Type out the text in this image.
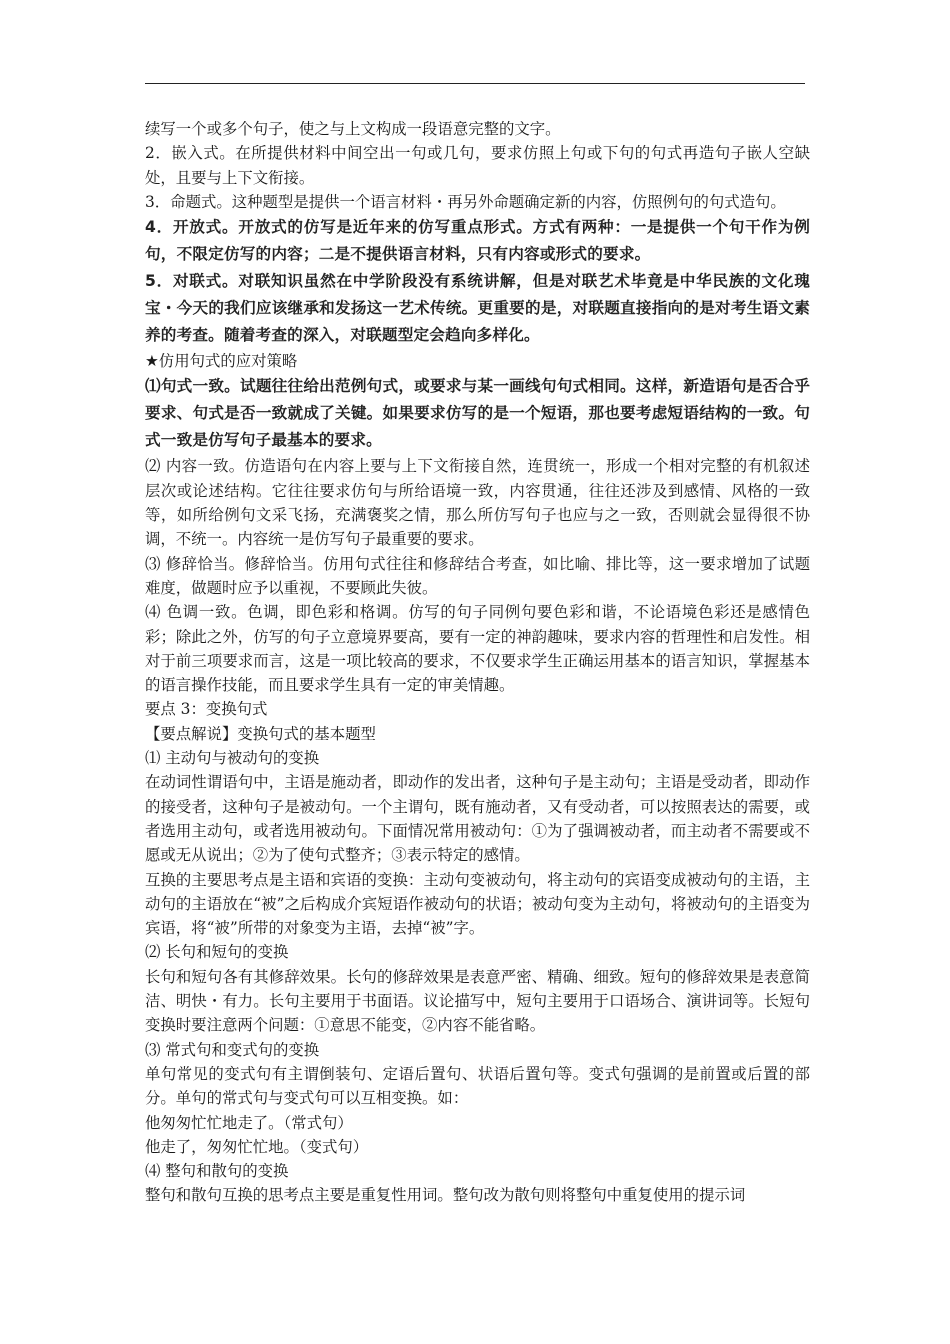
续写一个或多个句子，使之与上文构成一段语意完整的文字。

2．嵌入式。在所提供材料中间空出一句或几句，要求仿照上句或下句的句式再造句子嵌人空缺处，且要与上下文衔接。

3．命题式。这种题型是提供一个语言材料・再另外命题确定新的内容，仿照例句的句式造句。

4．开放式。开放式的仿写是近年来的仿写重点形式。方式有两种：一是提供一个句干作为例句，不限定仿写的内容；二是不提供语言材料，只有内容或形式的要求。

5．对联式。对联知识虽然在中学阶段没有系统讲解，但是对联艺术毕竟是中华民族的文化瑰宝・今天的我们应该继承和发扬这一艺术传统。更重要的是，对联题直接指向的是对考生语文素养的考查。随着考查的深入，对联题型定会趋向多样化。

★仿用句式的应对策略

⑴句式一致。试题往往给出范例句式，或要求与某一画线句句式相同。这样，新造语句是否合乎要求、句式是否一致就成了关键。如果要求仿写的是一个短语，那也要考虑短语结构的一致。句式一致是仿写句子最基本的要求。

⑵ 内容一致。仿造语句在内容上要与上下文衔接自然，连贯统一，形成一个相对完整的有机叙述层次或论述结构。它往往要求仿句与所给语境一致，内容贯通，往往还涉及到感情、风格的一致等，如所给例句文采飞扬，充满褒奖之情，那么所仿写句子也应与之一致，否则就会显得很不协调，不统一。内容统一是仿写句子最重要的要求。

⑶ 修辞恰当。修辞恰当。仿用句式往往和修辞结合考查，如比喻、排比等，这一要求增加了试题难度，做题时应予以重视，不要顾此失彼。

⑷ 色调一致。色调，即色彩和格调。仿写的句子同例句要色彩和谐，不论语境色彩还是感情色彩；除此之外，仿写的句子立意境界要高，要有一定的神韵趣味，要求内容的哲理性和启发性。相对于前三项要求而言，这是一项比较高的要求，不仅要求学生正确运用基本的语言知识，掌握基本的语言操作技能，而且要求学生具有一定的审美情趣。

要点 3：变换句式

【要点解说】变换句式的基本题型

⑴ 主动句与被动句的变换

在动词性谓语句中，主语是施动者，即动作的发出者，这种句子是主动句；主语是受动者，即动作的接受者，这种句子是被动句。一个主谓句，既有施动者，又有受动者，可以按照表达的需要，或者选用主动句，或者选用被动句。下面情况常用被动句：①为了强调被动者，而主动者不需要或不愿或无从说出；②为了使句式整齐；③表示特定的感情。

互换的主要思考点是主语和宾语的变换：主动句变被动句，将主动句的宾语变成被动句的主语，主动句的主语放在“被”之后构成介宾短语作被动句的状语；被动句变为主动句，将被动句的主语变为宾语，将“被”所带的对象变为主语，去掉“被”字。

⑵ 长句和短句的变换

长句和短句各有其修辞效果。长句的修辞效果是表意严密、精确、细致。短句的修辞效果是表意简洁、明快・有力。长句主要用于书面语。议论描写中，短句主要用于口语场合、演讲词等。长短句变换时要注意两个问题：①意思不能变，②内容不能省略。

⑶ 常式句和变式句的变换

单句常见的变式句有主谓倒装句、定语后置句、状语后置句等。变式句强调的是前置或后置的部分。单句的常式句与变式句可以互相变换。如：

他匆匆忙忙地走了。（常式句）

他走了，匆匆忙忙地。（变式句）

⑷ 整句和散句的变换

整句和散句互换的思考点主要是重复性用词。整句改为散句则将整句中重复使用的提示词
